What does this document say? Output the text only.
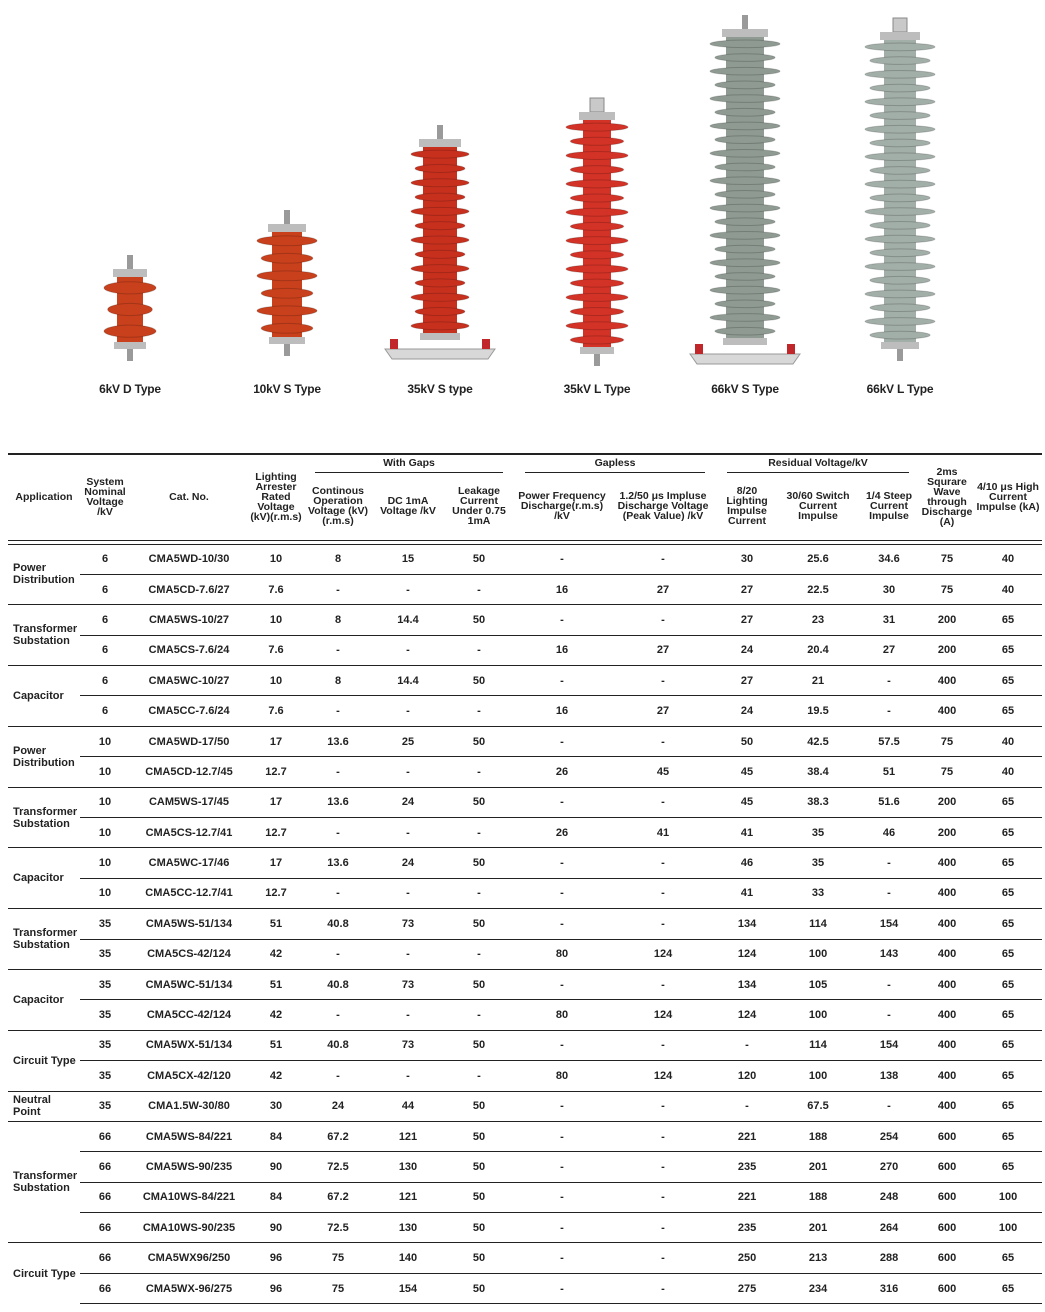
6kV D Type	10kV S Type	35kV S type	35kV L Type	66kV S Type	66kV L Type
Application	System Nominal Voltage /kV	Cat. No.	Lighting Arrester Rated Voltage (kV)(r.m.s)	With Gaps			Gapless		Residual Voltage/kV			2ms Squrare Wave through Discharge (A)	4/10 μs High Current Impulse (kA)
				Continous Operation Voltage (kV)(r.m.s)	DC 1mA Voltage /kV	Leakage Current Under 0.75 1mA	Power Frequency Discharge(r.m.s) /kV	1.2/50 μs Impluse Discharge Voltage (Peak Value) /kV	8/20 Lighting Impulse Current	30/60 Switch Current Impulse	1/4 Steep Current Impulse		

Power Distribution	6	CMA5WD-10/30	10	8	15	50	-	-	30	25.6	34.6	75	40
	6	CMA5CD-7.6/27	7.6	-	-	-	16	27	27	22.5	30	75	40
Transformer Substation	6	CMA5WS-10/27	10	8	14.4	50	-	-	27	23	31	200	65
	6	CMA5CS-7.6/24	7.6	-	-	-	16	27	24	20.4	27	200	65
Capacitor	6	CMA5WC-10/27	10	8	14.4	50	-	-	27	21	-	400	65
	6	CMA5CC-7.6/24	7.6	-	-	-	16	27	24	19.5	-	400	65
Power Distribution	10	CMA5WD-17/50	17	13.6	25	50	-	-	50	42.5	57.5	75	40
	10	CMA5CD-12.7/45	12.7	-	-	-	26	45	45	38.4	51	75	40
Transformer Substation	10	CAM5WS-17/45	17	13.6	24	50	-	-	45	38.3	51.6	200	65
	10	CMA5CS-12.7/41	12.7	-	-	-	26	41	41	35	46	200	65
Capacitor	10	CMA5WC-17/46	17	13.6	24	50	-	-	46	35	-	400	65
	10	CMA5CC-12.7/41	12.7	-	-	-	-	-	41	33	-	400	65
Transformer Substation	35	CMA5WS-51/134	51	40.8	73	50	-	-	134	114	154	400	65
	35	CMA5CS-42/124	42	-	-	-	80	124	124	100	143	400	65
Capacitor	35	CMA5WC-51/134	51	40.8	73	50	-	-	134	105	-	400	65
	35	CMA5CC-42/124	42	-	-	-	80	124	124	100	-	400	65
Circuit Type	35	CMA5WX-51/134	51	40.8	73	50	-	-	-	114	154	400	65
	35	CMA5CX-42/120	42	-	-	-	80	124	120	100	138	400	65
Neutral Point	35	CMA1.5W-30/80	30	24	44	50	-	-	-	67.5	-	400	65
Transformer Substation	66	CMA5WS-84/221	84	67.2	121	50	-	-	221	188	254	600	65
	66	CMA5WS-90/235	90	72.5	130	50	-	-	235	201	270	600	65
	66	CMA10WS-84/221	84	67.2	121	50	-	-	221	188	248	600	100
	66	CMA10WS-90/235	90	72.5	130	50	-	-	235	201	264	600	100
Circuit Type	66	CMA5WX96/250	96	75	140	50	-	-	250	213	288	600	65
	66	CMA5WX-96/275	96	75	154	50	-	-	275	234	316	600	65
